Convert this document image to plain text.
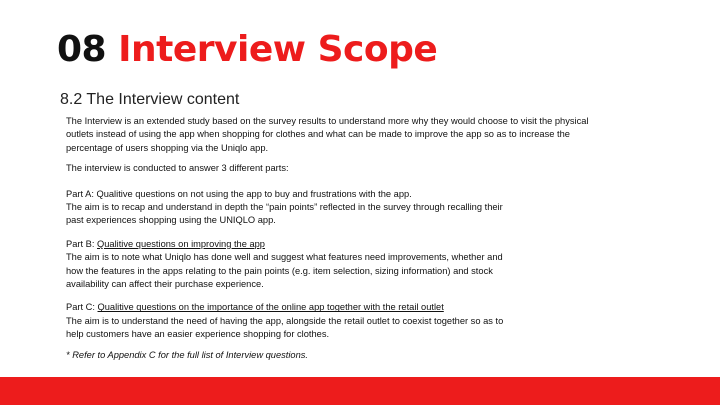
08 Interview Scope
8.2 The Interview content

The Interview is an extended study based on the survey results to understand more why they would choose to visit the physical

outlets instead of using the app when shopping for clothes and what can be made to improve the app so as to increase the

percentage of users shopping via the Uniqlo app.

The interview is conducted to answer 3 different parts:

Part A: Qualitive questions on not using the app to buy and frustrations with the app.

The aim is to recap and understand in depth the “pain points” reflected in the survey through recalling their

past experiences shopping using the UNIQLO app.

Part B: Qualitive questions on improving the app

The aim is to note what Uniqlo has done well and suggest what features need improvements, whether and

how the features in the apps relating to the pain points (e.g. item selection, sizing information) and stock

availability can affect their purchase experience.

Part C: Qualitive questions on the importance of the online app together with the retail outlet

The aim is to understand the need of having the app, alongside the retail outlet to coexist together so as to

help customers have an easier experience shopping for clothes.

* Refer to Appendix C for the full list of Interview questions.
